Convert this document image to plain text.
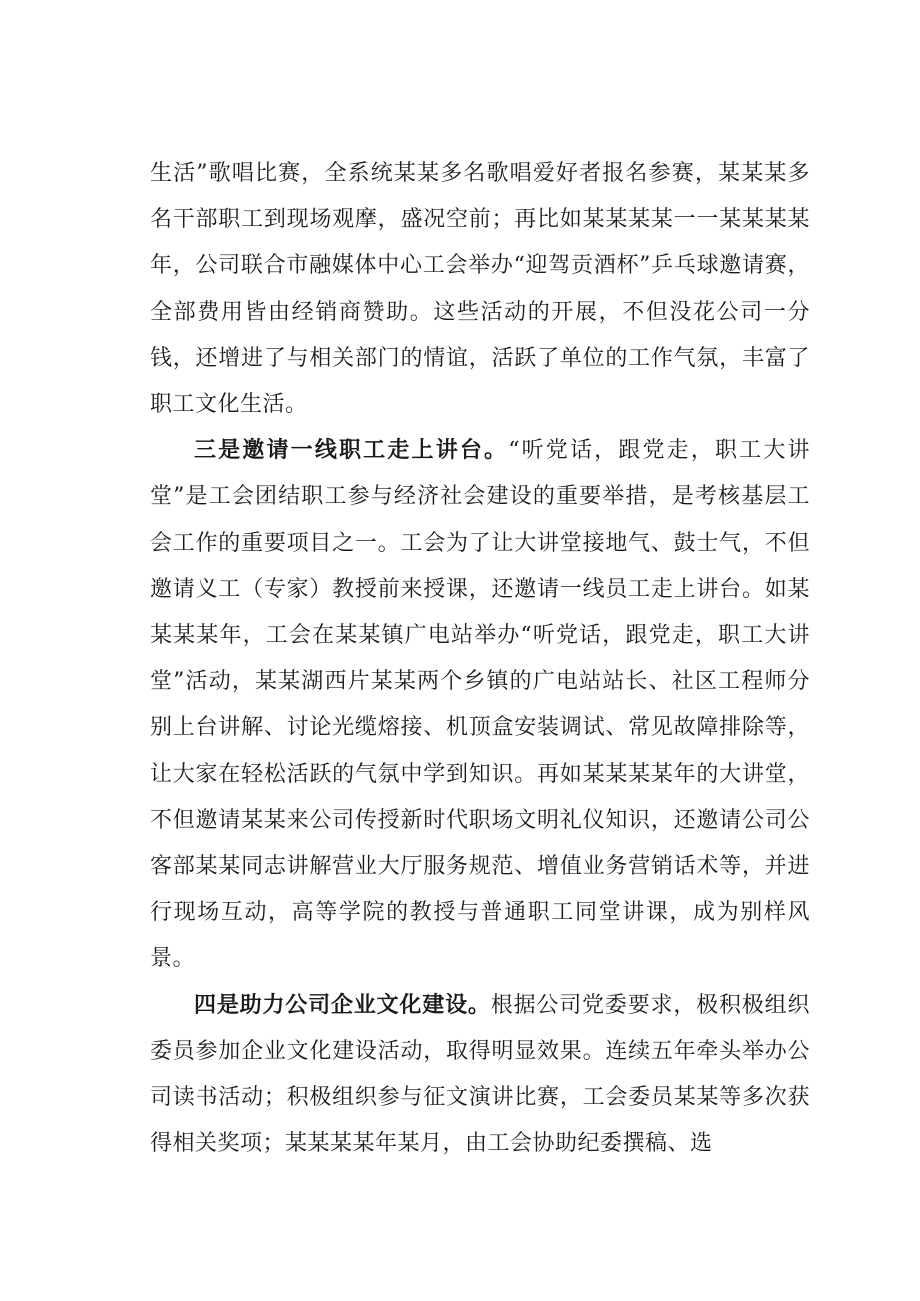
生活”歌唱比赛，全系统某某多名歌唱爱好者报名参赛，某某某多名干部职工到现场观摩，盛况空前；再比如某某某某一一某某某某年，公司联合市融媒体中心工会举办“迎驾贡酒杯”乒乓球邀请赛，全部费用皆由经销商赞助。这些活动的开展，不但没花公司一分钱，还增进了与相关部门的情谊，活跃了单位的工作气氛，丰富了职工文化生活。

三是邀请一线职工走上讲台。“听党话，跟党走，职工大讲堂”是工会团结职工参与经济社会建设的重要举措，是考核基层工会工作的重要项目之一。工会为了让大讲堂接地气、鼓士气，不但邀请义工（专家）教授前来授课，还邀请一线员工走上讲台。如某某某某年，工会在某某镇广电站举办“听党话，跟党走，职工大讲堂”活动，某某湖西片某某两个乡镇的广电站站长、社区工程师分别上台讲解、讨论光缆熔接、机顶盒安装调试、常见故障排除等，让大家在轻松活跃的气氛中学到知识。再如某某某某年的大讲堂，不但邀请某某来公司传授新时代职场文明礼仪知识，还邀请公司公客部某某同志讲解营业大厅服务规范、增值业务营销话术等，并进行现场互动，高等学院的教授与普通职工同堂讲课，成为别样风景。

四是助力公司企业文化建设。根据公司党委要求，极积极组织委员参加企业文化建设活动，取得明显效果。连续五年牵头举办公司读书活动；积极组织参与征文演讲比赛，工会委员某某等多次获得相关奖项；某某某某年某月，由工会协助纪委撰稿、选
